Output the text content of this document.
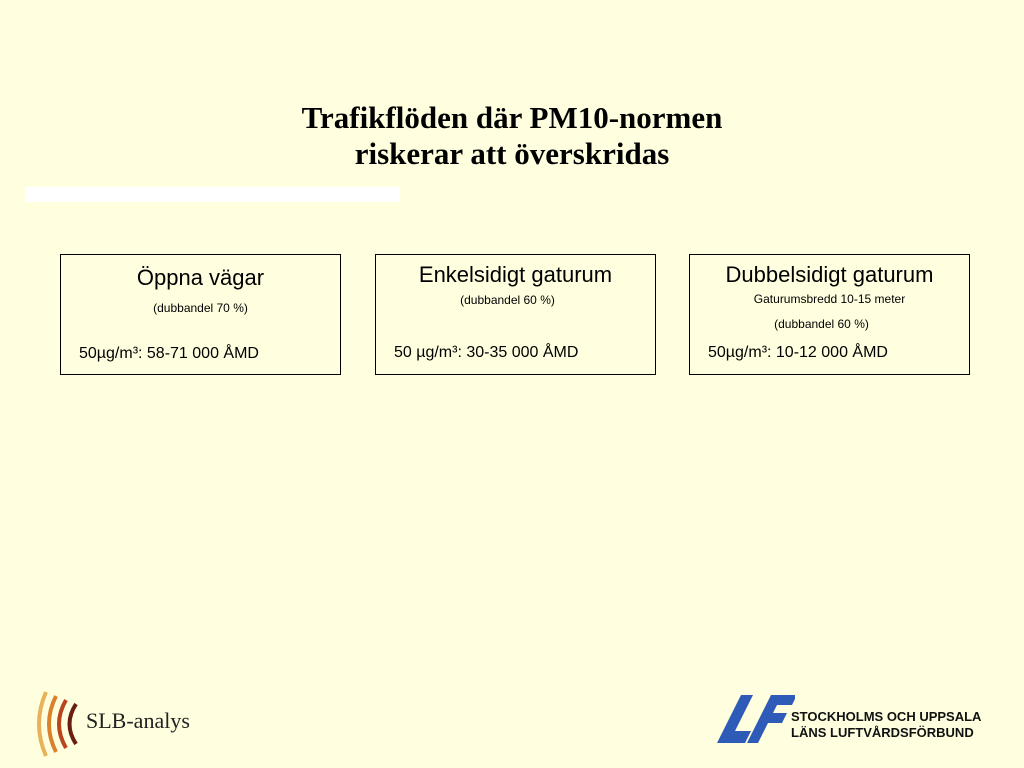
Trafikflöden där PM10-normen
riskerar att överskridas
Öppna vägar
(dubbandel 70 %)
50µg/m³: 58-71 000 ÅMD
Enkelsidigt gaturum
(dubbandel 60 %)
50 µg/m³: 30-35 000 ÅMD
Dubbelsidigt gaturum
Gaturumsbredd 10-15 meter
(dubbandel 60 %)
50µg/m³: 10-12 000 ÅMD
SLB-analys	STOCKHOLMS OCH UPPSALA
LÄNS LUFTVÅRDSFÖRBUND
